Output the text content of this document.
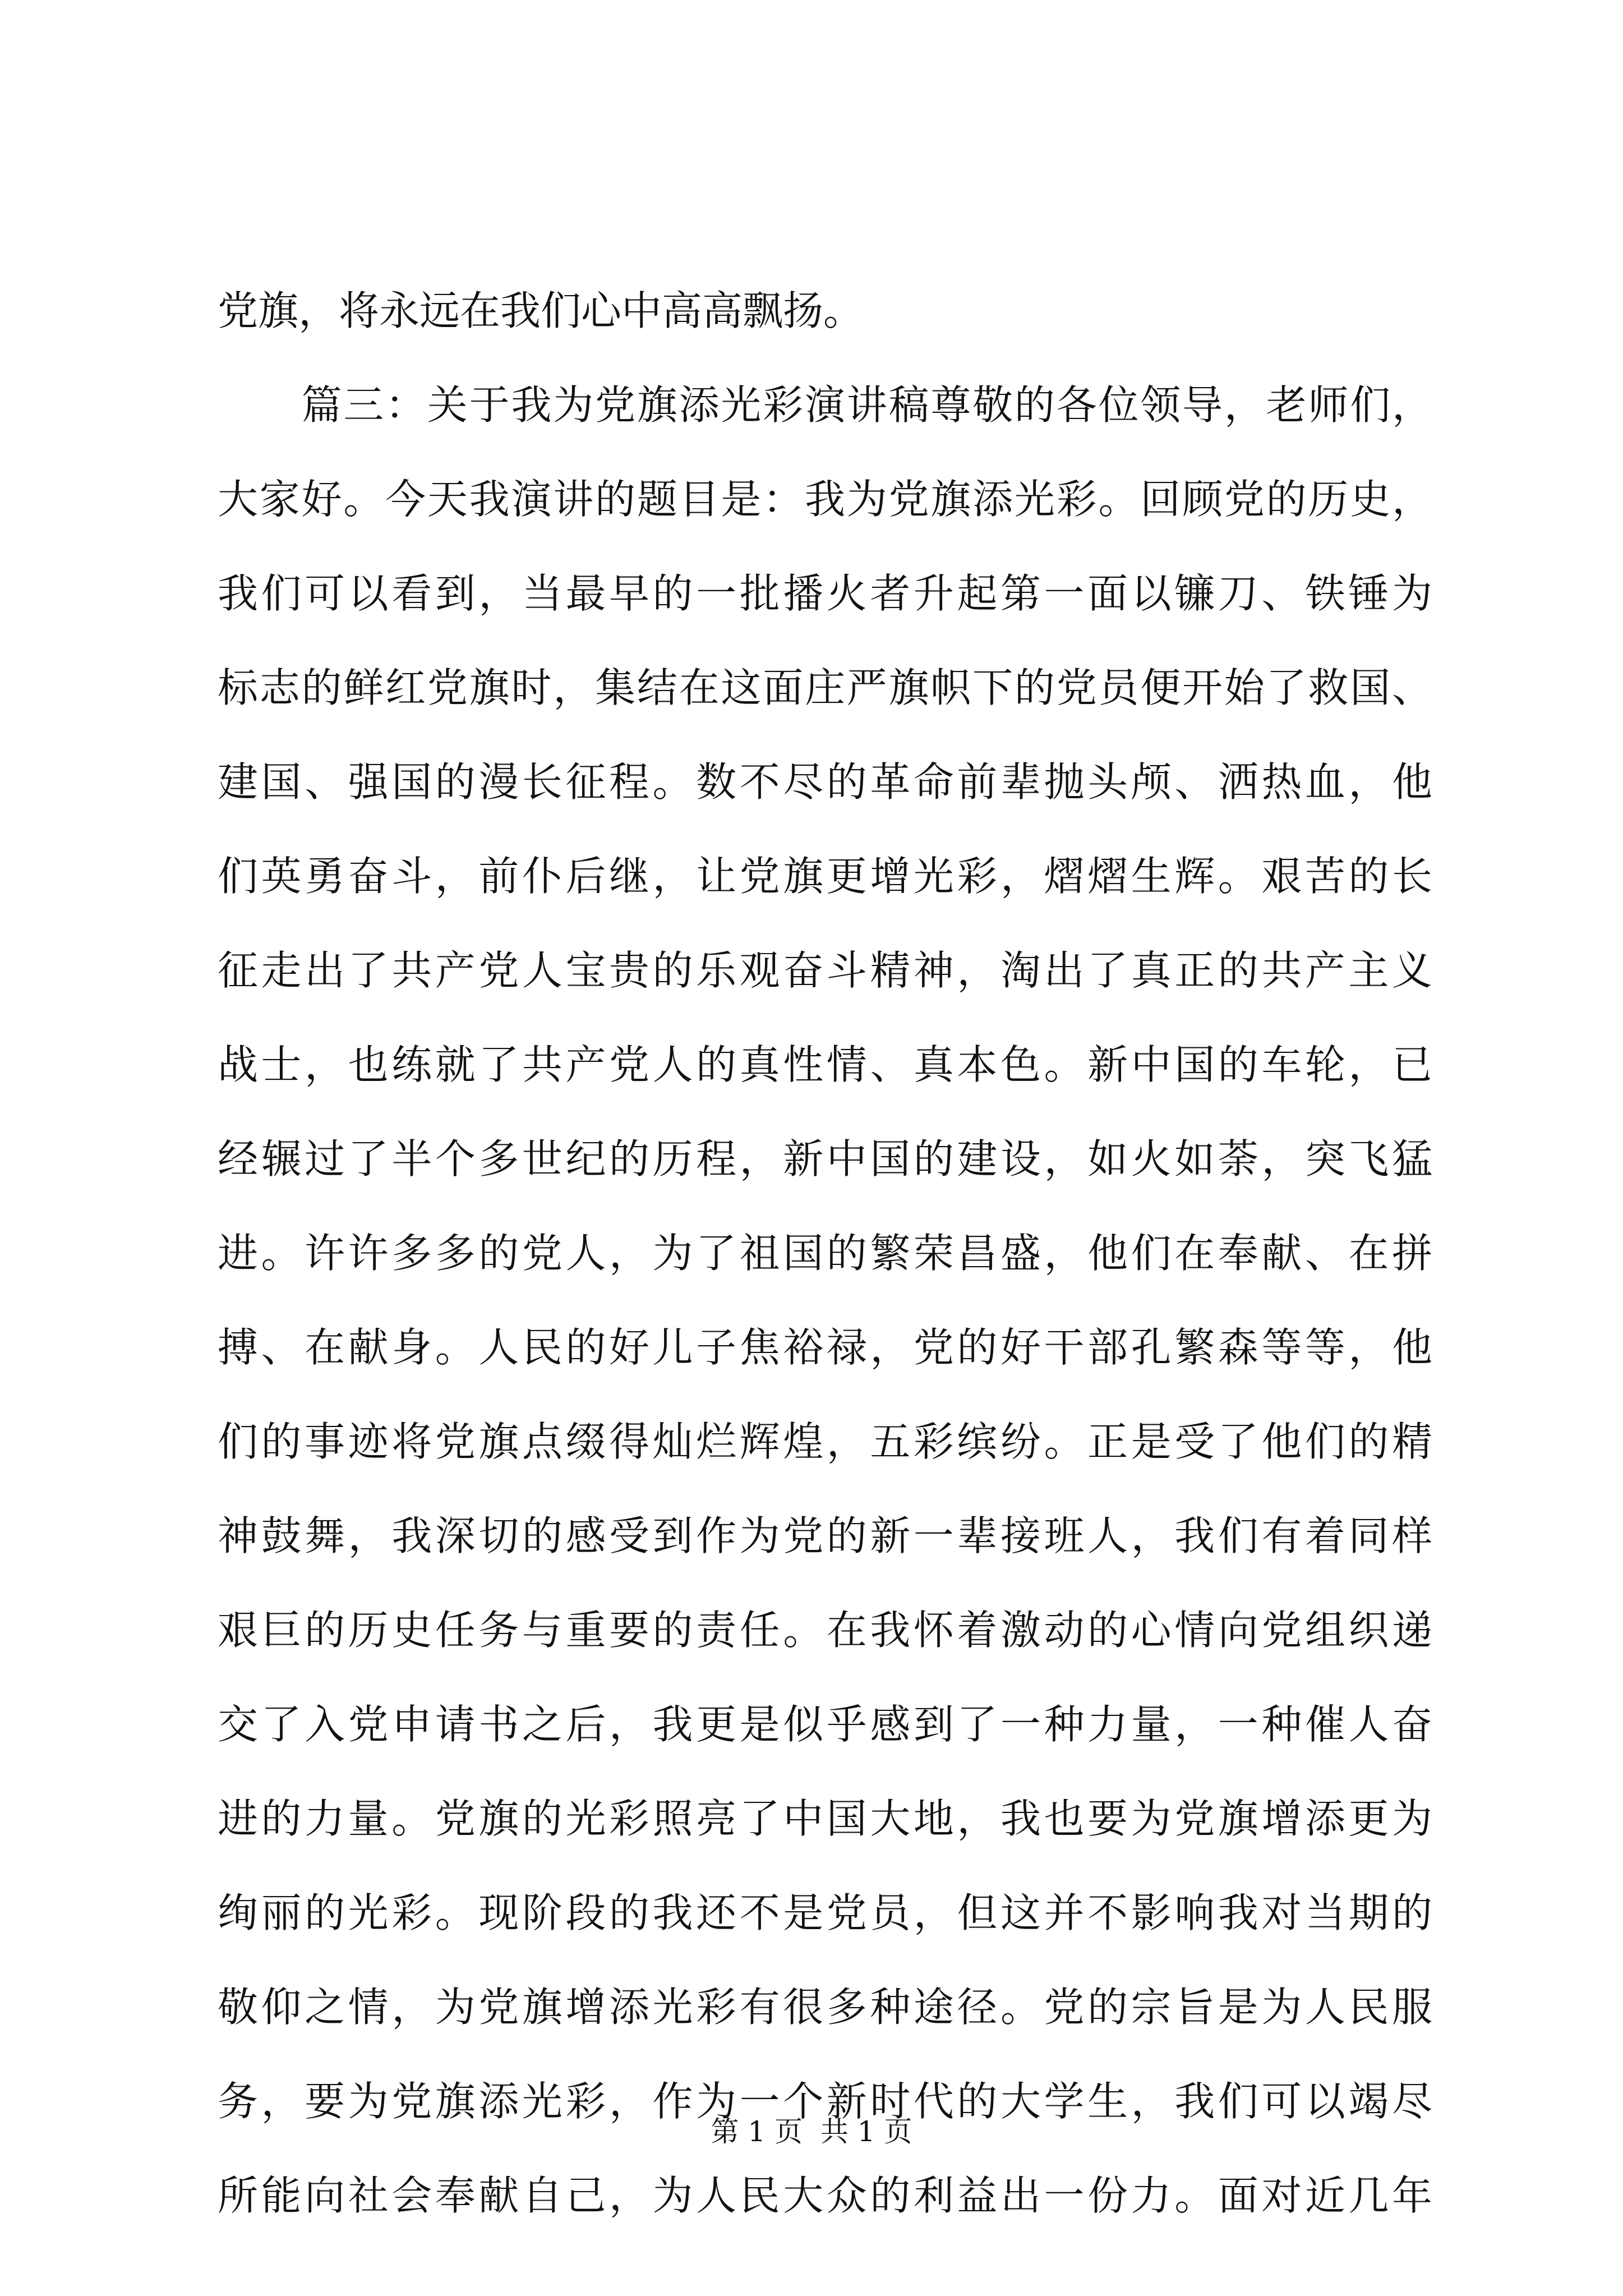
党旗，将永远在我们心中高高飘扬。
　　篇三：关于我为党旗添光彩演讲稿尊敬的各位领导，老师们，
大家好。今天我演讲的题目是：我为党旗添光彩。回顾党的历史，
我们可以看到，当最早的一批播火者升起第一面以镰刀、铁锤为
标志的鲜红党旗时，集结在这面庄严旗帜下的党员便开始了救国、
建国、强国的漫长征程。数不尽的革命前辈抛头颅、洒热血，他
们英勇奋斗，前仆后继，让党旗更增光彩，熠熠生辉。艰苦的长
征走出了共产党人宝贵的乐观奋斗精神，淘出了真正的共产主义
战士，也练就了共产党人的真性情、真本色。新中国的车轮，已
经辗过了半个多世纪的历程，新中国的建设，如火如荼，突飞猛
进。许许多多的党人，为了祖国的繁荣昌盛，他们在奉献、在拼
搏、在献身。人民的好儿子焦裕禄，党的好干部孔繁森等等，他
们的事迹将党旗点缀得灿烂辉煌，五彩缤纷。正是受了他们的精
神鼓舞，我深切的感受到作为党的新一辈接班人，我们有着同样
艰巨的历史任务与重要的责任。在我怀着激动的心情向党组织递
交了入党申请书之后，我更是似乎感到了一种力量，一种催人奋
进的力量。党旗的光彩照亮了中国大地，我也要为党旗增添更为
绚丽的光彩。现阶段的我还不是党员，但这并不影响我对当期的
敬仰之情，为党旗增添光彩有很多种途径。党的宗旨是为人民服
务，要为党旗添光彩，作为一个新时代的大学生，我们可以竭尽
所能向社会奉献自己，为人民大众的利益出一份力。面对近几年
第 1 页  共 1 页
